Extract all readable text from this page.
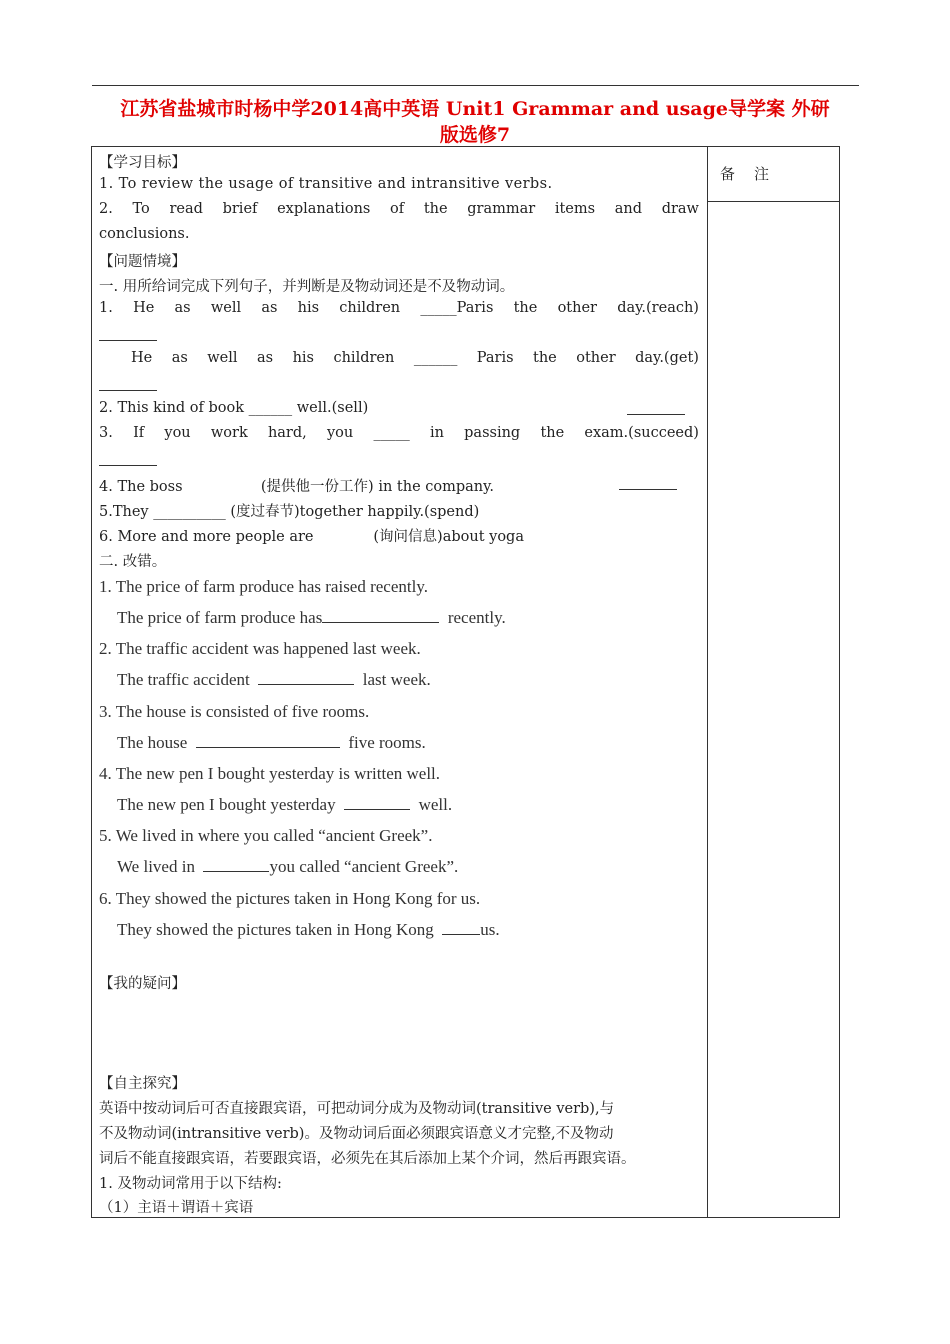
江苏省盐城市时杨中学2014高中英语 Unit1 Grammar and usage导学案 外研
版选修7
备　注
【学习目标】
1. To review the usage of transitive and intransitive verbs.
2. To read brief explanations of the grammar items and draw
conclusions.
【问题情境】
一. 用所给词完成下列句子，并判断是及物动词还是不及物动词。
1. He as well as his children _____Paris the other day.(reach)
He as well as his children ______ Paris the other day.(get)
2. This kind of book ______ well.(sell)
3. If you work hard, you _____ in passing the exam.(succeed)
4. The boss                 (提供他一份工作) in the company.
5.They __________ (度过春节)together happily.(spend)
6. More and more people are             (询问信息)about yoga
二. 改错。
1. The price of farm produce has raised recently.
The price of farm produce has	recently.
2. The traffic accident was happened last week.
The traffic accident	last week.
3. The house is consisted of five rooms.
The house	five rooms.
4. The new pen I bought yesterday is written well.
The new pen I bought yesterday	well.
5. We lived in where you called “ancient Greek”.
We lived in	you called “ancient Greek”.
6. They showed the pictures taken in Hong Kong for us.
They showed the pictures taken in Hong Kong	us.
【我的疑问】
【自主探究】
英语中按动词后可否直接跟宾语，可把动词分成为及物动词(transitive verb),与
不及物动词(intransitive verb)。及物动词后面必须跟宾语意义才完整,不及物动
词后不能直接跟宾语，若要跟宾语，必须先在其后添加上某个介词，然后再跟宾语。
1. 及物动词常用于以下结构:
（1）主语＋谓语＋宾语
